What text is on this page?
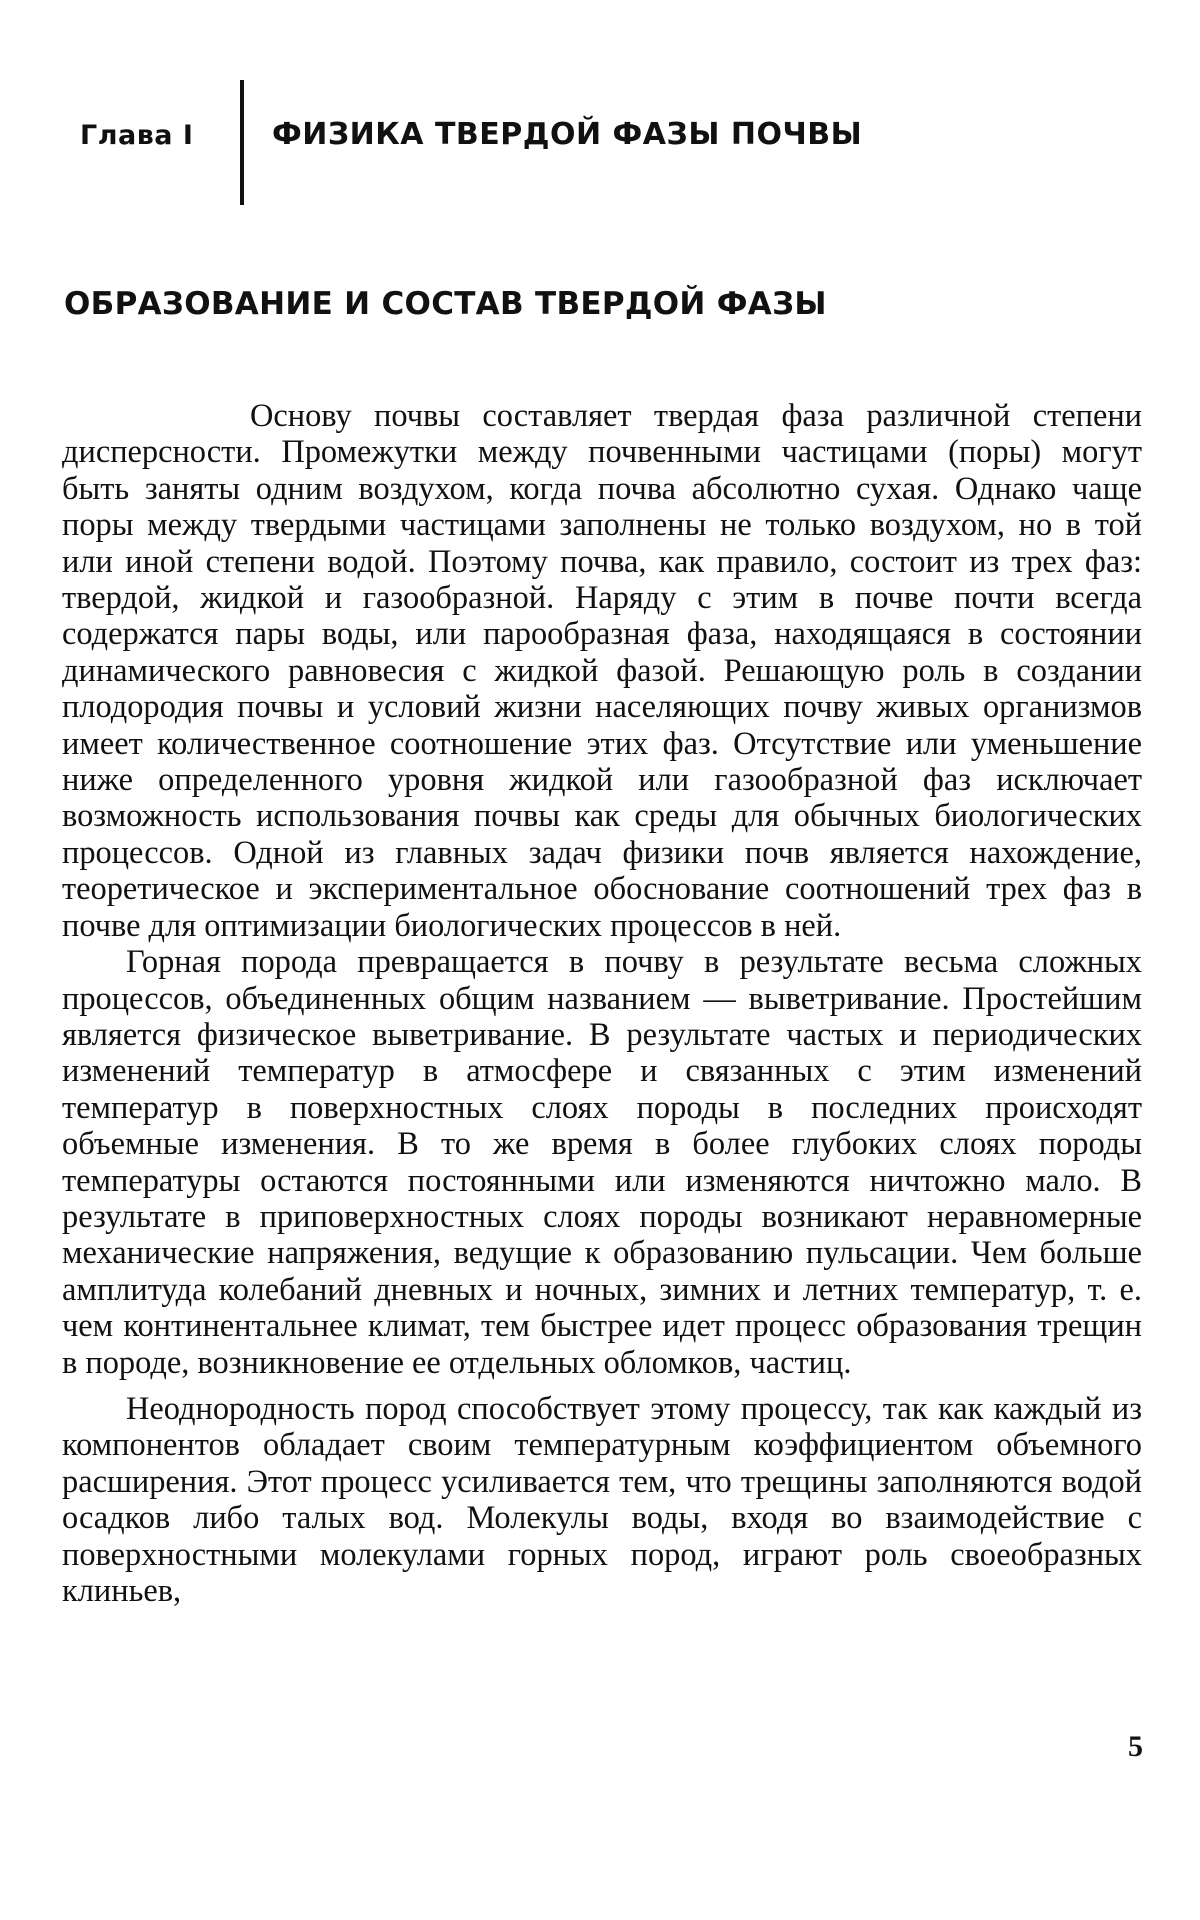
Глава I	ФИЗИКА ТВЕРДОЙ ФАЗЫ ПОЧВЫ
ОБРАЗОВАНИЕ И СОСТАВ ТВЕРДОЙ ФАЗЫ

Основу почвы составляет твердая фаза различной степени дисперсности. Промежутки между почвенными частицами (поры) могут быть заняты одним воздухом, когда почва абсолютно сухая. Однако чаще поры между твердыми частицами заполнены не только воздухом, но в той или иной степени водой. Поэтому почва, как правило, состоит из трех фаз: твердой, жидкой и газообразной. Наряду с этим в почве почти всегда содержатся пары воды, или парообразная фаза, находящаяся в состоянии динамического равновесия с жидкой фазой. Решающую роль в создании плодородия почвы и условий жизни населяющих почву живых организмов имеет количественное соотношение этих фаз. Отсутствие или уменьшение ниже определенного уровня жидкой или газообразной фаз исключает возможность использования почвы как среды для обычных биологических процессов. Одной из главных задач физики почв является нахождение, теоретическое и экспериментальное обоснование соотношений трех фаз в почве для оптимизации биологических процессов в ней.

Горная порода превращается в почву в результате весьма сложных процессов, объединенных общим названием — выветривание. Простейшим является физическое выветривание. В результате частых и периодических изменений температур в атмосфере и связанных с этим изменений температур в поверхностных слоях породы в последних происходят объемные изменения. В то же время в более глубоких слоях породы температуры остаются постоянными или изменяются ничтожно мало. В результате в приповерхностных слоях породы возникают неравномерные механические напряжения, ведущие к образованию пульсации. Чем больше амплитуда колебаний дневных и ночных, зимних и летних температур, т. е. чем континентальнее климат, тем быстрее идет процесс образования трещин в породе, возникновение ее отдельных обломков, частиц.

Неоднородность пород способствует этому процессу, так как каждый из компонентов обладает своим температурным коэффициентом объемного расширения. Этот процесс усиливается тем, что трещины заполняются водой осадков либо талых вод. Молекулы воды, входя во взаимодействие с поверхностными молекулами горных пород, играют роль своеобразных клиньев,

5
